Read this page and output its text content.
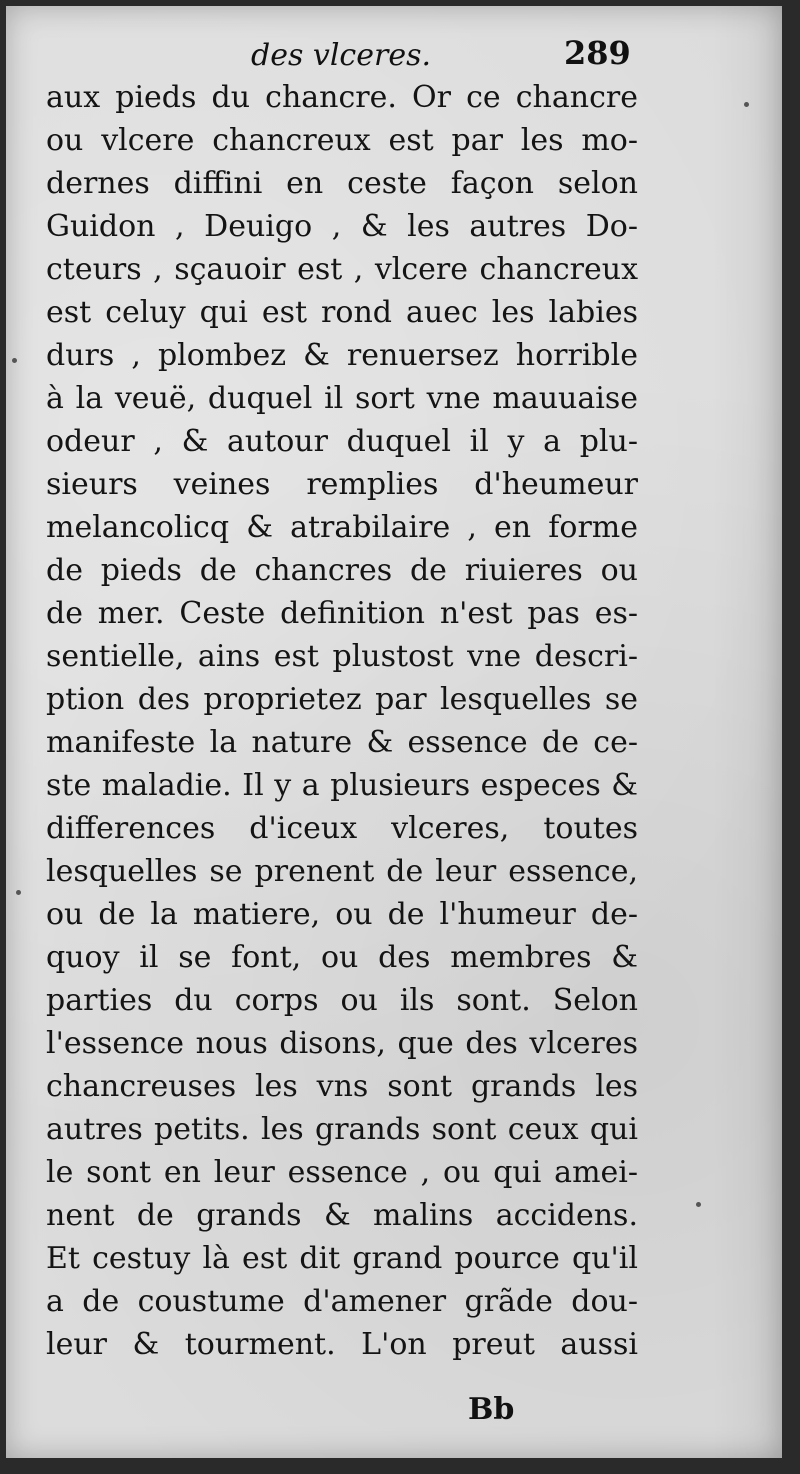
des vlceres.	289
aux pieds du chancre. Or ce chancre
ou vlcere chancreux est par les mo-
dernes diffini en ceste façon selon
Guidon , Deuigo , & les autres Do-
cteurs , sçauoir est , vlcere chancreux
est celuy qui est rond auec les labies
durs , plombez & renuersez horrible
à la veuë, duquel il sort vne mauuaise
odeur , & autour duquel il y a plu-
sieurs veines remplies d'heumeur
melancolicq & atrabilaire , en forme
de pieds de chancres de riuieres ou
de mer. Ceste definition n'est pas es-
sentielle, ains est plustost vne descri-
ption des proprietez par lesquelles se
manifeste la nature & essence de ce-
ste maladie. Il y a plusieurs especes &
differences d'iceux vlceres, toutes
lesquelles se prenent de leur essence,
ou de la matiere, ou de l'humeur de-
quoy il se font, ou des membres &
parties du corps ou ils sont. Selon
l'essence nous disons, que des vlceres
chancreuses les vns sont grands les
autres petits. les grands sont ceux qui
le sont en leur essence , ou qui amei-
nent de grands & malins accidens.
Et cestuy là est dit grand pource qu'il
a de coustume d'amener grãde dou-
leur & tourment. L'on preut aussi
Bb
